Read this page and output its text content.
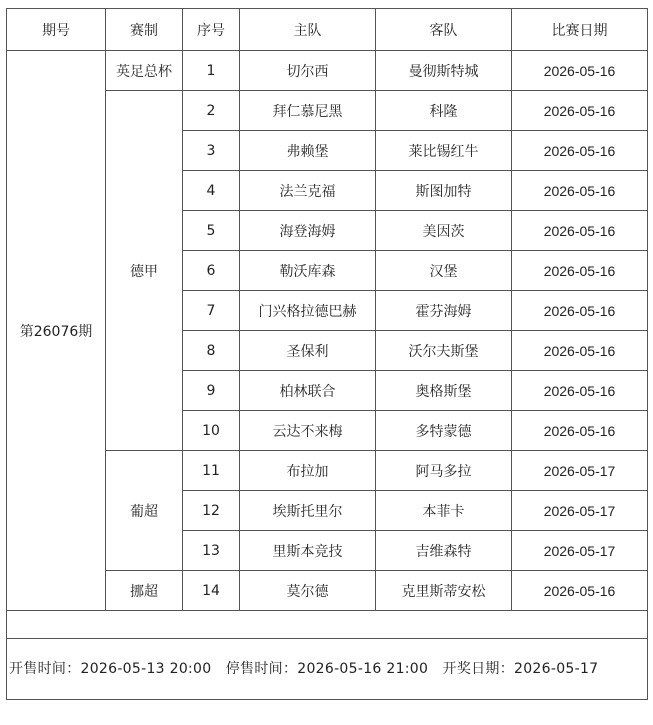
期号	赛制	序号	主队	客队	比赛日期
第26076期	英足总杯	1	切尔西	曼彻斯特城	2026-05-16
	德甲	2	拜仁慕尼黑	科隆	2026-05-16
		3	弗赖堡	莱比锡红牛	2026-05-16
		4	法兰克福	斯图加特	2026-05-16
		5	海登海姆	美因茨	2026-05-16
		6	勒沃库森	汉堡	2026-05-16
		7	门兴格拉德巴赫	霍芬海姆	2026-05-16
		8	圣保利	沃尔夫斯堡	2026-05-16
		9	柏林联合	奥格斯堡	2026-05-16
		10	云达不来梅	多特蒙德	2026-05-16
	葡超	11	布拉加	阿马多拉	2026-05-17
		12	埃斯托里尔	本菲卡	2026-05-17
		13	里斯本竞技	吉维森特	2026-05-17
	挪超	14	莫尔德	克里斯蒂安松	2026-05-16

开售时间：2026-05-13 20:00　停售时间：2026-05-16 21:00　开奖日期：2026-05-17					
